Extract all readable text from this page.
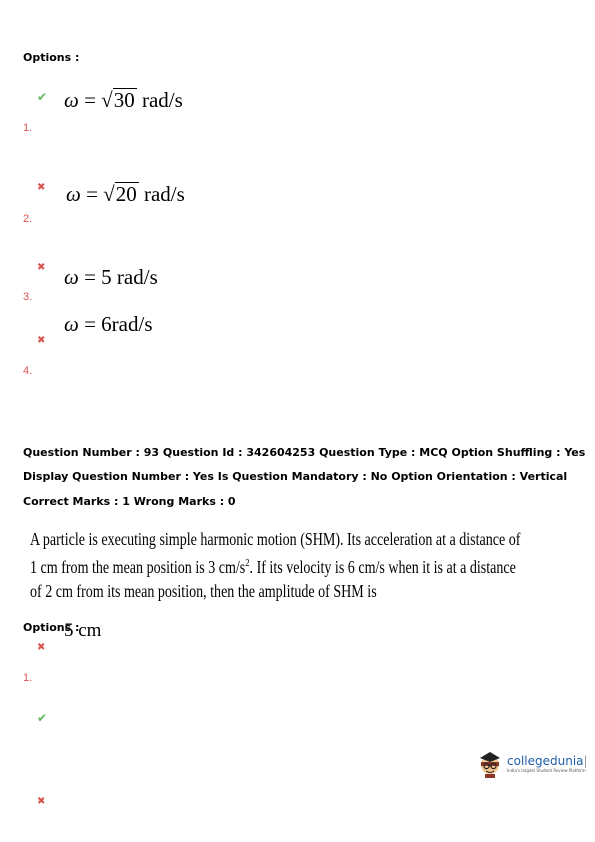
Options :
✔ ω = √30 rad/s
1.
✖ ω = √20 rad/s
2.
✖ ω = 5 rad/s
3.
ω = 6rad/s
✖
4.
Question Number : 93 Question Id : 342604253 Question Type : MCQ Option Shuffling : Yes
Display Question Number : Yes Is Question Mandatory : No Option Orientation : Vertical
Correct Marks : 1 Wrong Marks : 0
A particle is executing simple harmonic motion (SHM). Its acceleration at a distance of
1 cm from the mean position is 3 $cm/s^2$. If its velocity is 6 cm/s when it is at a distance
of 2 cm from its mean position, then the amplitude of SHM is
5 cm
Options :
✖
1.
✔
✖
collegedunia|
India's largest Student Review Platform
